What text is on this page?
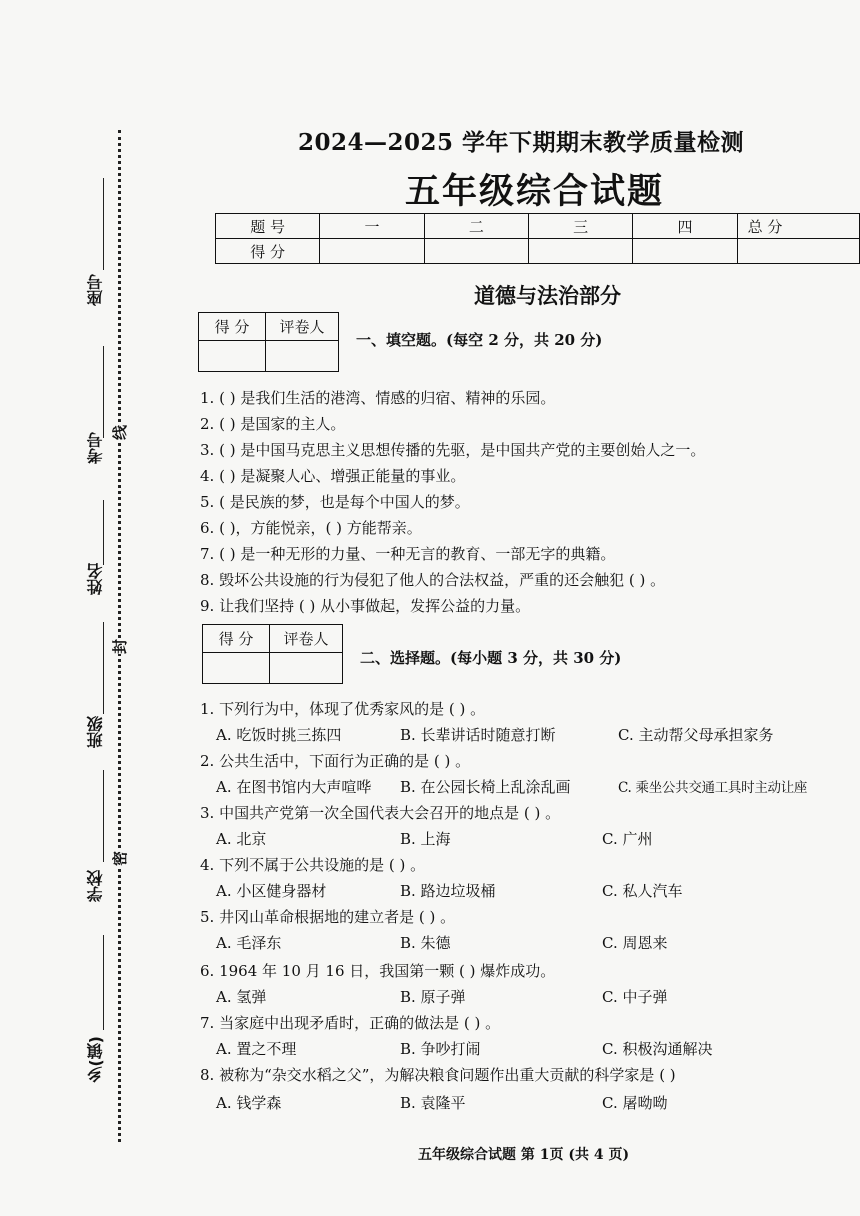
座号
考号
姓名
班级
学校
乡(镇)
线
封
密
2024—2025 学年下期期末教学质量检测
五年级综合试题
题 号	一	二	三	四	总 分
得 分					
道德与法治部分
得 分	评卷人

一、填空题。(每空 2 分，共 20 分)
1. ( ) 是我们生活的港湾、情感的归宿、精神的乐园。
2. ( ) 是国家的主人。
3. ( ) 是中国马克思主义思想传播的先驱，是中国共产党的主要创始人之一。
4. ( ) 是凝聚人心、增强正能量的事业。
5. ( 是民族的梦，也是每个中国人的梦。
6. ( )，方能悦亲，( ) 方能帮亲。
7. ( ) 是一种无形的力量、一种无言的教育、一部无字的典籍。
8. 毁坏公共设施的行为侵犯了他人的合法权益，严重的还会触犯 ( ) 。
9. 让我们坚持 ( ) 从小事做起，发挥公益的力量。
得 分	评卷人

二、选择题。(每小题 3 分，共 30 分)
1. 下列行为中，体现了优秀家风的是 ( ) 。
A. 吃饭时挑三拣四	B. 长辈讲话时随意打断	C. 主动帮父母承担家务
2. 公共生活中，下面行为正确的是 ( ) 。
A. 在图书馆内大声喧哗 B. 在公园长椅上乱涂乱画	C. 乘坐公共交通工具时主动让座
3. 中国共产党第一次全国代表大会召开的地点是 ( ) 。
A. 北京	B. 上海	C. 广州
4. 下列不属于公共设施的是 ( ) 。
A. 小区健身器材	B. 路边垃圾桶	C. 私人汽车
5. 井冈山革命根据地的建立者是 ( ) 。
A. 毛泽东	B. 朱德	C. 周恩来
6. 1964 年 10 月 16 日，我国第一颗 ( ) 爆炸成功。
A. 氢弹	B. 原子弹	C. 中子弹
7. 当家庭中出现矛盾时，正确的做法是 ( ) 。
A. 置之不理	B. 争吵打闹	C. 积极沟通解决
8. 被称为“杂交水稻之父”，为解决粮食问题作出重大贡献的科学家是 ( )
A. 钱学森	B. 袁隆平	C. 屠呦呦
五年级综合试题 第 1页 (共 4 页)
